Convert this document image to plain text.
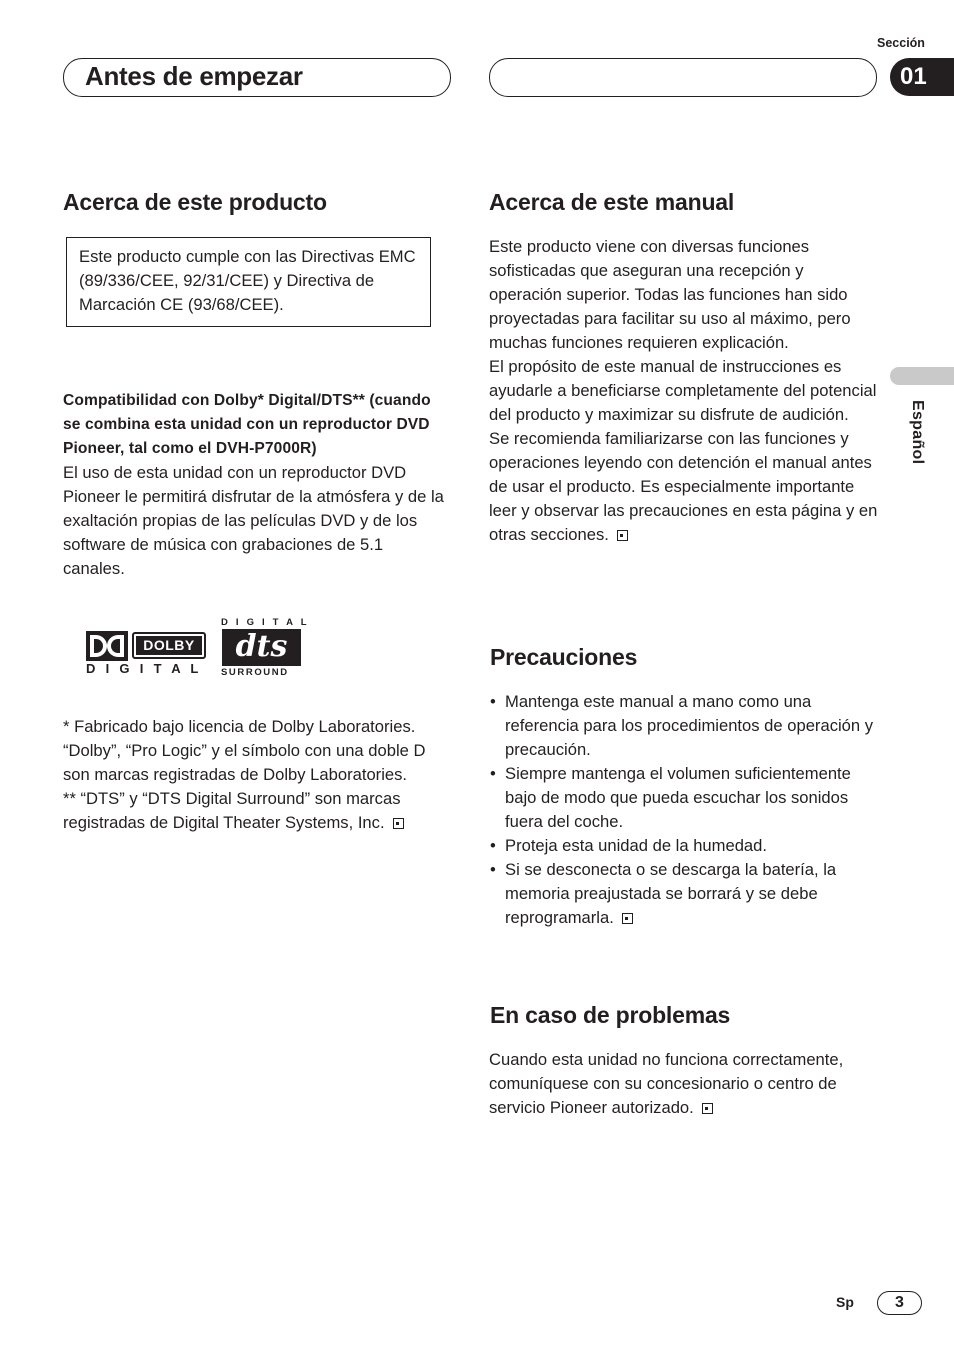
Antes de empezar
Sección
01
Español
Acerca de este producto

Este producto cumple con las Directivas EMC (89/336/CEE, 92/31/CEE) y Directiva de Marcación CE (93/68/CEE).

Compatibilidad con Dolby* Digital/DTS** (cuando se combina esta unidad con un reproductor DVD Pioneer, tal como el DVH-P7000R)

El uso de esta unidad con un reproductor DVD Pioneer le permitirá disfrutar de la atmósfera y de la exaltación propias de las películas DVD y de los software de música con grabaciones de 5.1 canales.

DOLBY
D I G I T A L
D I G I T A L
dts
SURROUND

* Fabricado bajo licencia de Dolby Laboratories. “Dolby”, “Pro Logic” y el símbolo con una doble D son marcas registradas de Dolby Laboratories.

** “DTS” y “DTS Digital Surround” son marcas registradas de Digital Theater Systems, Inc.

Acerca de este manual

Este producto viene con diversas funciones sofisticadas que aseguran una recepción y operación superior. Todas las funciones han sido proyectadas para facilitar su uso al máximo, pero muchas funciones requieren explicación.

El propósito de este manual de instrucciones es ayudarle a beneficiarse completamente del potencial del producto y maximizar su disfrute de audición.

Se recomienda familiarizarse con las funciones y operaciones leyendo con detención el manual antes de usar el producto. Es especialmente importante leer y observar las precauciones en esta página y en otras secciones.

Precauciones
• Mantenga este manual a mano como una referencia para los procedimientos de operación y precaución.
• Siempre mantenga el volumen suficientemente bajo de modo que pueda escuchar los sonidos fuera del coche.
• Proteja esta unidad de la humedad.
• Si se desconecta o se descarga la batería, la memoria preajustada se borrará y se debe reprogramarla.
En caso de problemas

Cuando esta unidad no funciona correctamente, comuníquese con su concesionario o centro de servicio Pioneer autorizado.

Sp	3
